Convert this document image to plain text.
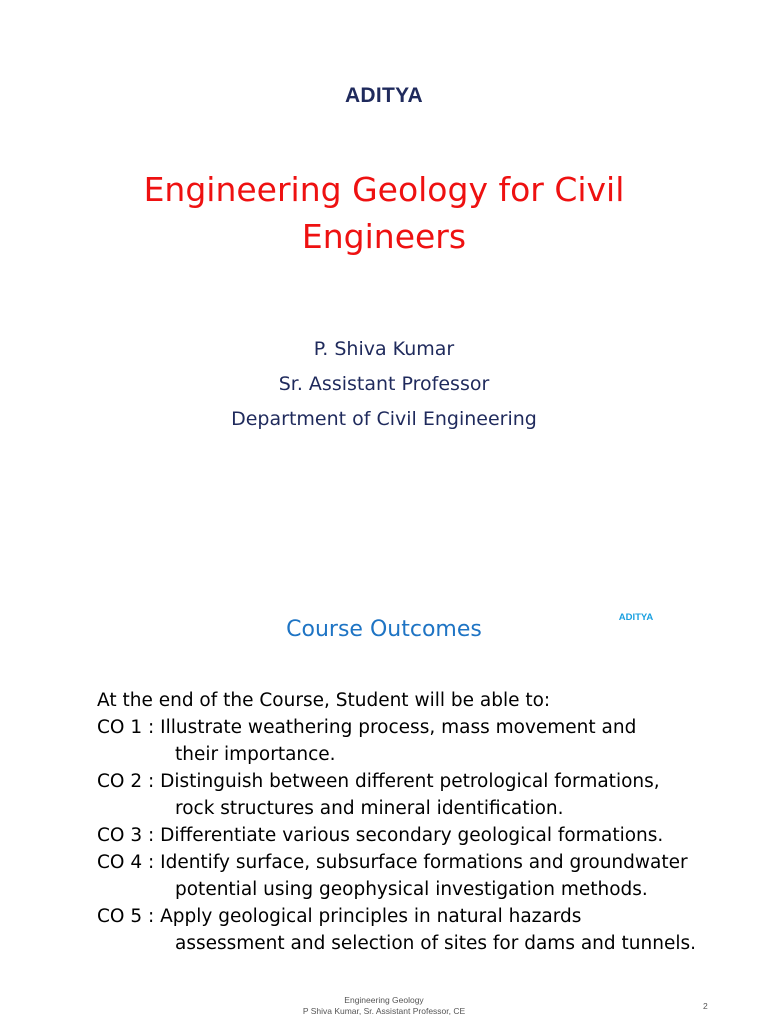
ADITYA
Engineering Geology for Civil Engineers
P. Shiva Kumar
Sr. Assistant Professor
Department of Civil Engineering
ADITYA
Course Outcomes
At the end of the Course, Student will be able to:
CO 1 : Illustrate weathering process, mass movement and
their importance.
CO 2 : Distinguish between different petrological formations,
rock structures and mineral identification.
CO 3 : Differentiate various secondary geological formations.
CO 4 : Identify surface, subsurface formations and groundwater
potential using geophysical investigation methods.
CO 5 : Apply geological principles in natural hazards
assessment and selection of sites for dams and tunnels.
Engineering Geology
P Shiva Kumar, Sr. Assistant Professor, CE	2
